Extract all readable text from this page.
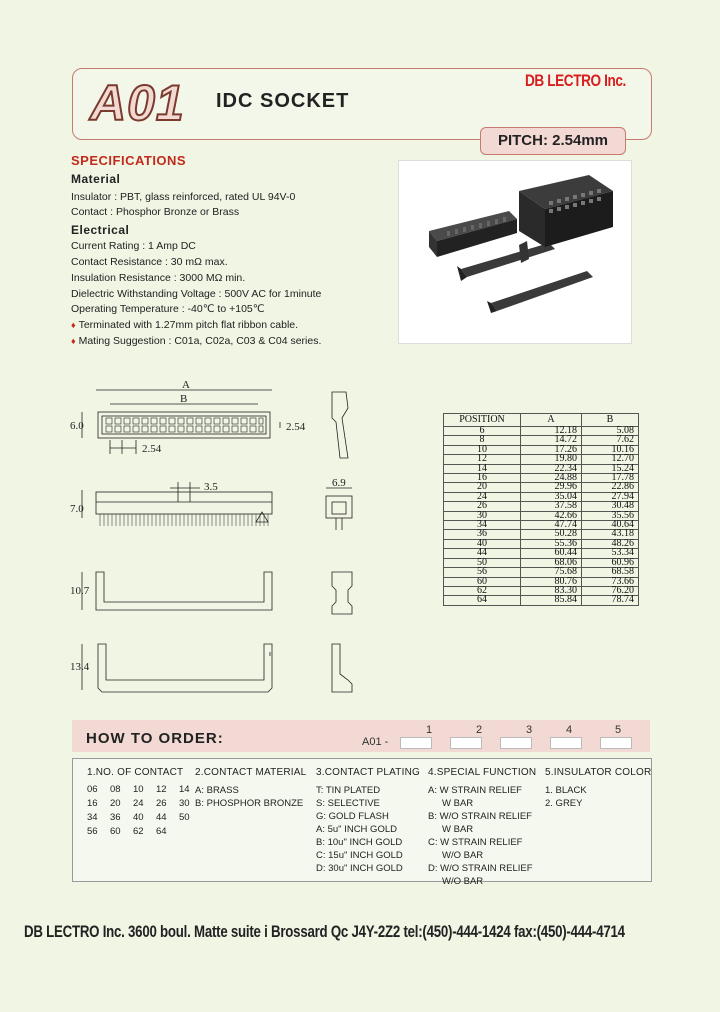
A01 IDC SOCKET
DB LECTRO Inc.
PITCH: 2.54mm
SPECIFICATIONS
Material
Insulator : PBT, glass reinforced, rated UL 94V-0
Contact : Phosphor Bronze or Brass
Electrical
Current Rating : 1 Amp DC
Contact Resistance : 30 mΩ max.
Insulation Resistance : 3000 MΩ min.
Dielectric Withstanding Voltage : 500V AC for 1minute
Operating Temperature : -40℃ to +105℃
♦ Terminated with 1.27mm pitch flat ribbon cable.
♦ Mating Suggestion : C01a, C02a, C03 & C04 series.
A
B
6.0	2.54
2.54
7.0
3.5	6.9
10.7
13.4
POSITION	A	B
6	12.18	5.08
8	14.72	7.62
10	17.26	10.16
12	19.80	12.70
14	22.34	15.24
16	24.88	17.78
20	29.96	22.86
24	35.04	27.94
26	37.58	30.48
30	42.66	35.56
34	47.74	40.64
36	50.28	43.18
40	55.36	48.26
44	60.44	53.34
50	68.06	60.96
56	75.68	68.58
60	80.76	73.66
62	83.30	76.20
64	85.84	78.74
HOW TO ORDER:	A01 -
1	2	3	4	5
1.NO. OF CONTACT
06	08	10	12	14
16	20	24	26	30
34	36	40	44	50
56	60	62	64
2.CONTACT MATERIAL
A: BRASS
B: PHOSPHOR BRONZE
3.CONTACT PLATING
T: TIN PLATED
S: SELECTIVE
G: GOLD FLASH
A: 5u" INCH GOLD
B: 10u" INCH GOLD
C: 15u" INCH GOLD
D: 30u" INCH GOLD
4.SPECIAL FUNCTION
A: W STRAIN RELIEF
W BAR
B: W/O STRAIN RELIEF
W BAR
C: W STRAIN RELIEF
W/O BAR
D: W/O STRAIN RELIEF
W/O BAR
5.INSULATOR COLOR
1. BLACK
2. GREY
DB LECTRO Inc. 3600 boul. Matte suite i Brossard Qc J4Y-2Z2 tel:(450)-444-1424 fax:(450)-444-4714
